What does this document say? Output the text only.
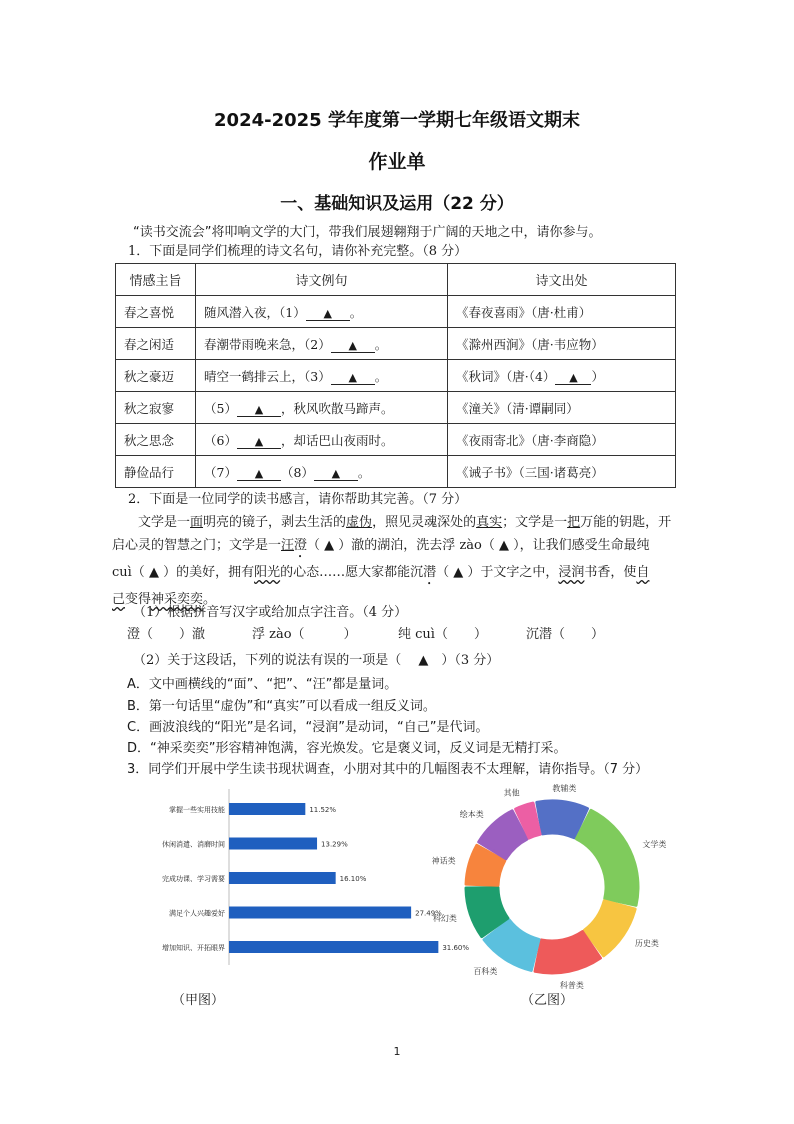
2024-2025 学年度第一学期七年级语文期末
作业单
一、基础知识及运用（22 分）
“读书交流会”将叩响文学的大门，带我们展翅翱翔于广阔的天地之中，请你参与。
1．下面是同学们梳理的诗文名句，请你补充完整。（8 分）
情感主旨	诗文例句	诗文出处
春之喜悦	随风潜入夜，（1） ▲ 。	《春夜喜雨》（唐·杜甫）
春之闲适	春潮带雨晚来急，（2） ▲ 。	《滁州西涧》（唐·韦应物）
秋之豪迈	晴空一鹤排云上，（3） ▲ 。	《秋词》（唐·（4） ▲ ）
秋之寂寥	（5） ▲ ，秋风吹散马蹄声。	《潼关》（清·谭嗣同）
秋之思念	（6） ▲ ，却话巴山夜雨时。	《夜雨寄北》（唐·李商隐）
静俭品行	（7） ▲ （8） ▲ 。	《诫子书》（三国·诸葛亮）
2．下面是一位同学的读书感言，请你帮助其完善。（7 分）
文学是一面明亮的镜子，剥去生活的虚伪，照见灵魂深处的真实；文学是一把万能的钥匙，开
启心灵的智慧之门；文学是一汪澄（ ▲ ）澈的湖泊，洗去浮 zào（ ▲ ），让我们感受生命最纯
cuì（ ▲ ）的美好，拥有阳光的心态……愿大家都能沉潜（ ▲ ）于文字之中，浸润书香，使自
己变得神采奕奕。
（1）根据拼音写汉字或给加点字注音。（4 分）
澄（　　）澈	浮 zào（　　　）	纯 cuì（　　）	沉潜（　　）
（2）关于这段话，下列的说法有误的一项是（　 ▲　）（3 分）
A．文中画横线的“面”、“把”、“汪”都是量词。
B．第一句话里“虚伪”和“真实”可以看成一组反义词。
C．画波浪线的“阳光”是名词，“浸润”是动词，“自己”是代词。
D．“神采奕奕”形容精神饱满，容光焕发。它是褒义词，反义词是无精打采。
3．同学们开展中学生读书现状调查，小朋对其中的几幅图表不太理解，请你指导。（7 分）
掌握一些实用技能	11.52%
休闲消遣、消磨时间	13.29%
完成功课、学习需要	16.10%
满足个人兴趣爱好	27.49%
增加知识、开拓眼界	31.60%
（甲图）
教辅类
文学类
历史类
科普类
百科类
科幻类
神话类
绘本类
其他
（乙图）
1
